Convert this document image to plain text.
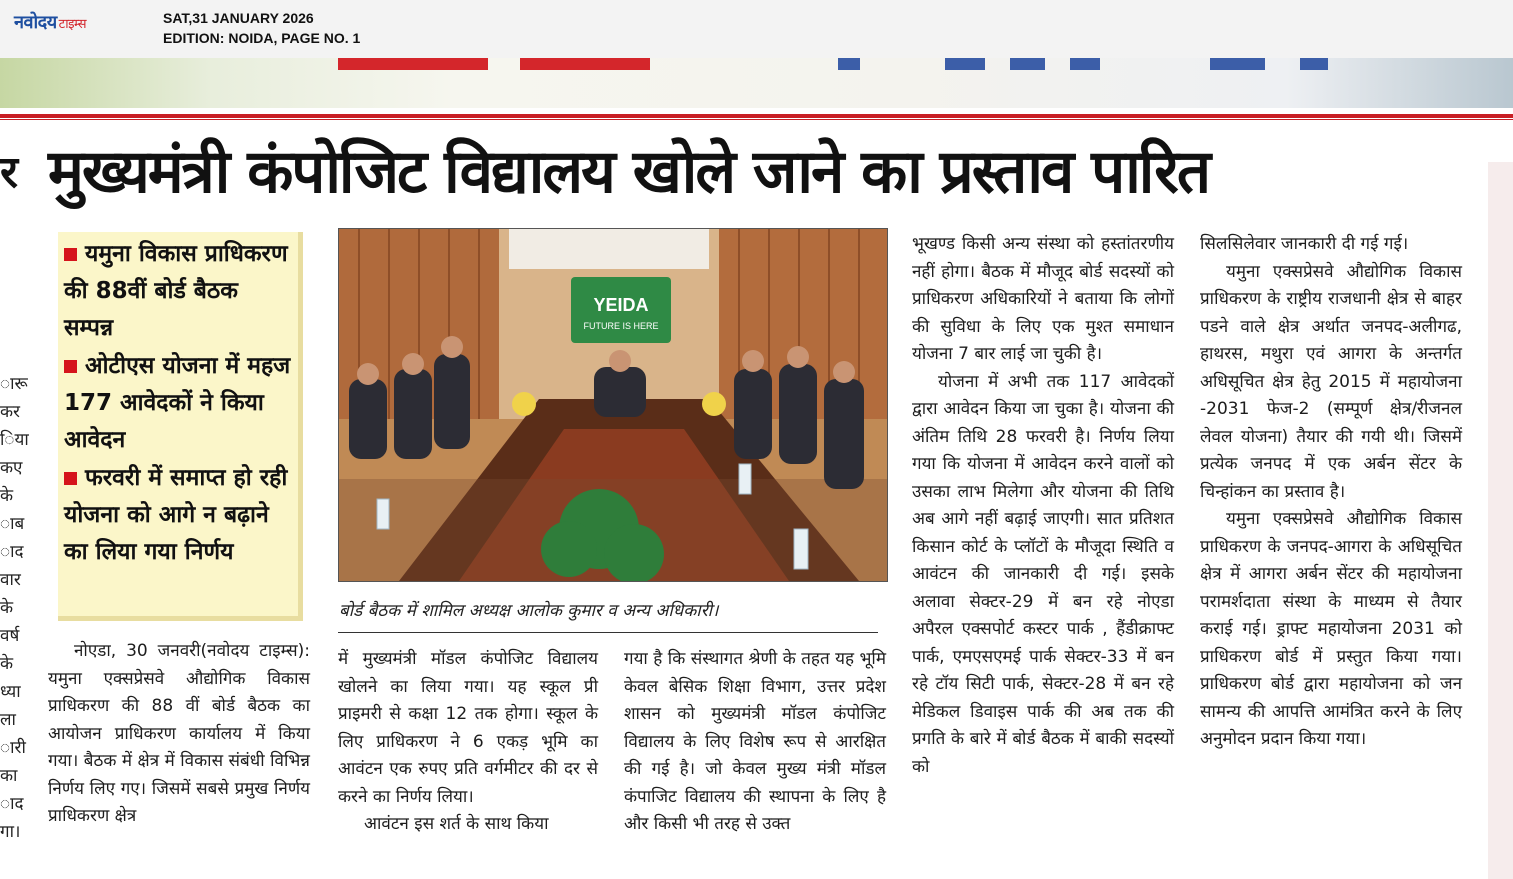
नवोदय टाइम्स	SAT,31 JANUARY 2026
EDITION: NOIDA, PAGE NO. 1
र
ारू
कर
िया
कए
के
ाब
ाद
वार
के
वर्ष
के
ध्या
ला
ारी
का
ाद
गा।
मुख्यमंत्री कंपोजिट विद्यालय खोले जाने का प्रस्ताव पारित
यमुना विकास प्राधिकरण की 88वीं बोर्ड बैठक सम्पन्न
ओटीएस योजना में महज 177 आवेदकों ने किया आवेदन
फरवरी में समाप्त हो रही योजना को आगे न बढ़ाने का लिया गया निर्णय
YEIDA
FUTURE IS HERE
बोर्ड बैठक में शामिल अध्यक्ष आलोक कुमार व अन्य अधिकारी।

नोएडा, 30 जनवरी(नवोदय टाइम्स): यमुना एक्सप्रेसवे औद्योगिक विकास प्राधिकरण की 88 वीं बोर्ड बैठक का आयोजन प्राधिकरण कार्यालय में किया गया। बैठक में क्षेत्र में विकास संबंधी विभिन्न निर्णय लिए गए। जिसमें सबसे प्रमुख निर्णय प्राधिकरण क्षेत्र

में मुख्यमंत्री मॉडल कंपोजिट विद्यालय खोलने का लिया गया। यह स्कूल प्री प्राइमरी से कक्षा 12 तक होगा। स्कूल के लिए प्राधिकरण ने 6 एकड़ भूमि का आवंटन एक रुपए प्रति वर्गमीटर की दर से करने का निर्णय लिया।

आवंटन इस शर्त के साथ किया

गया है कि संस्थागत श्रेणी के तहत यह भूमि केवल बेसिक शिक्षा विभाग, उत्तर प्रदेश शासन को मुख्यमंत्री मॉडल कंपोजिट विद्यालय के लिए विशेष रूप से आरक्षित की गई है। जो केवल मुख्य मंत्री मॉडल कंपाजिट विद्यालय की स्थापना के लिए है और किसी भी तरह से उक्त

भूखण्ड किसी अन्य संस्था को हस्तांतरणीय नहीं होगा। बैठक में मौजूद बोर्ड सदस्यों को प्राधिकरण अधिकारियों ने बताया कि लोगों की सुविधा के लिए एक मुश्त समाधान योजना 7 बार लाई जा चुकी है।

योजना में अभी तक 117 आवेदकों द्वारा आवेदन किया जा चुका है। योजना की अंतिम तिथि 28 फरवरी है। निर्णय लिया गया कि योजना में आवेदन करने वालों को उसका लाभ मिलेगा और योजना की तिथि अब आगे नहीं बढ़ाई जाएगी। सात प्रतिशत किसान कोर्ट के प्लॉटों के मौजूदा स्थिति व आवंटन की जानकारी दी गई। इसके अलावा सेक्टर-29 में बन रहे नोएडा अपैरल एक्सपोर्ट कस्टर पार्क , हैंडीक्राफ्ट पार्क, एमएसएमई पार्क सेक्टर-33 में बन रहे टॉय सिटी पार्क, सेक्टर-28 में बन रहे मेडिकल डिवाइस पार्क की अब तक की प्रगति के बारे में बोर्ड बैठक में बाकी सदस्यों को

सिलसिलेवार जानकारी दी गई गई।

यमुना एक्सप्रेसवे औद्योगिक विकास प्राधिकरण के राष्ट्रीय राजधानी क्षेत्र से बाहर पडने वाले क्षेत्र अर्थात जनपद-अलीगढ, हाथरस, मथुरा एवं आगरा के अन्तर्गत अधिसूचित क्षेत्र हेतु 2015 में महायोजना -2031 फेज-2 (सम्पूर्ण क्षेत्र/रीजनल लेवल योजना) तैयार की गयी थी। जिसमें प्रत्येक जनपद में एक अर्बन सेंटर के चिन्हांकन का प्रस्ताव है।

यमुना एक्सप्रेसवे औद्योगिक विकास प्राधिकरण के जनपद-आगरा के अधिसूचित क्षेत्र में आगरा अर्बन सेंटर की महायोजना परामर्शदाता संस्था के माध्यम से तैयार कराई गई। ड्राफ्ट महायोजना 2031 को प्राधिकरण बोर्ड में प्रस्तुत किया गया। प्राधिकरण बोर्ड द्वारा महायोजना को जन सामन्य की आपत्ति आमंत्रित करने के लिए अनुमोदन प्रदान किया गया।
